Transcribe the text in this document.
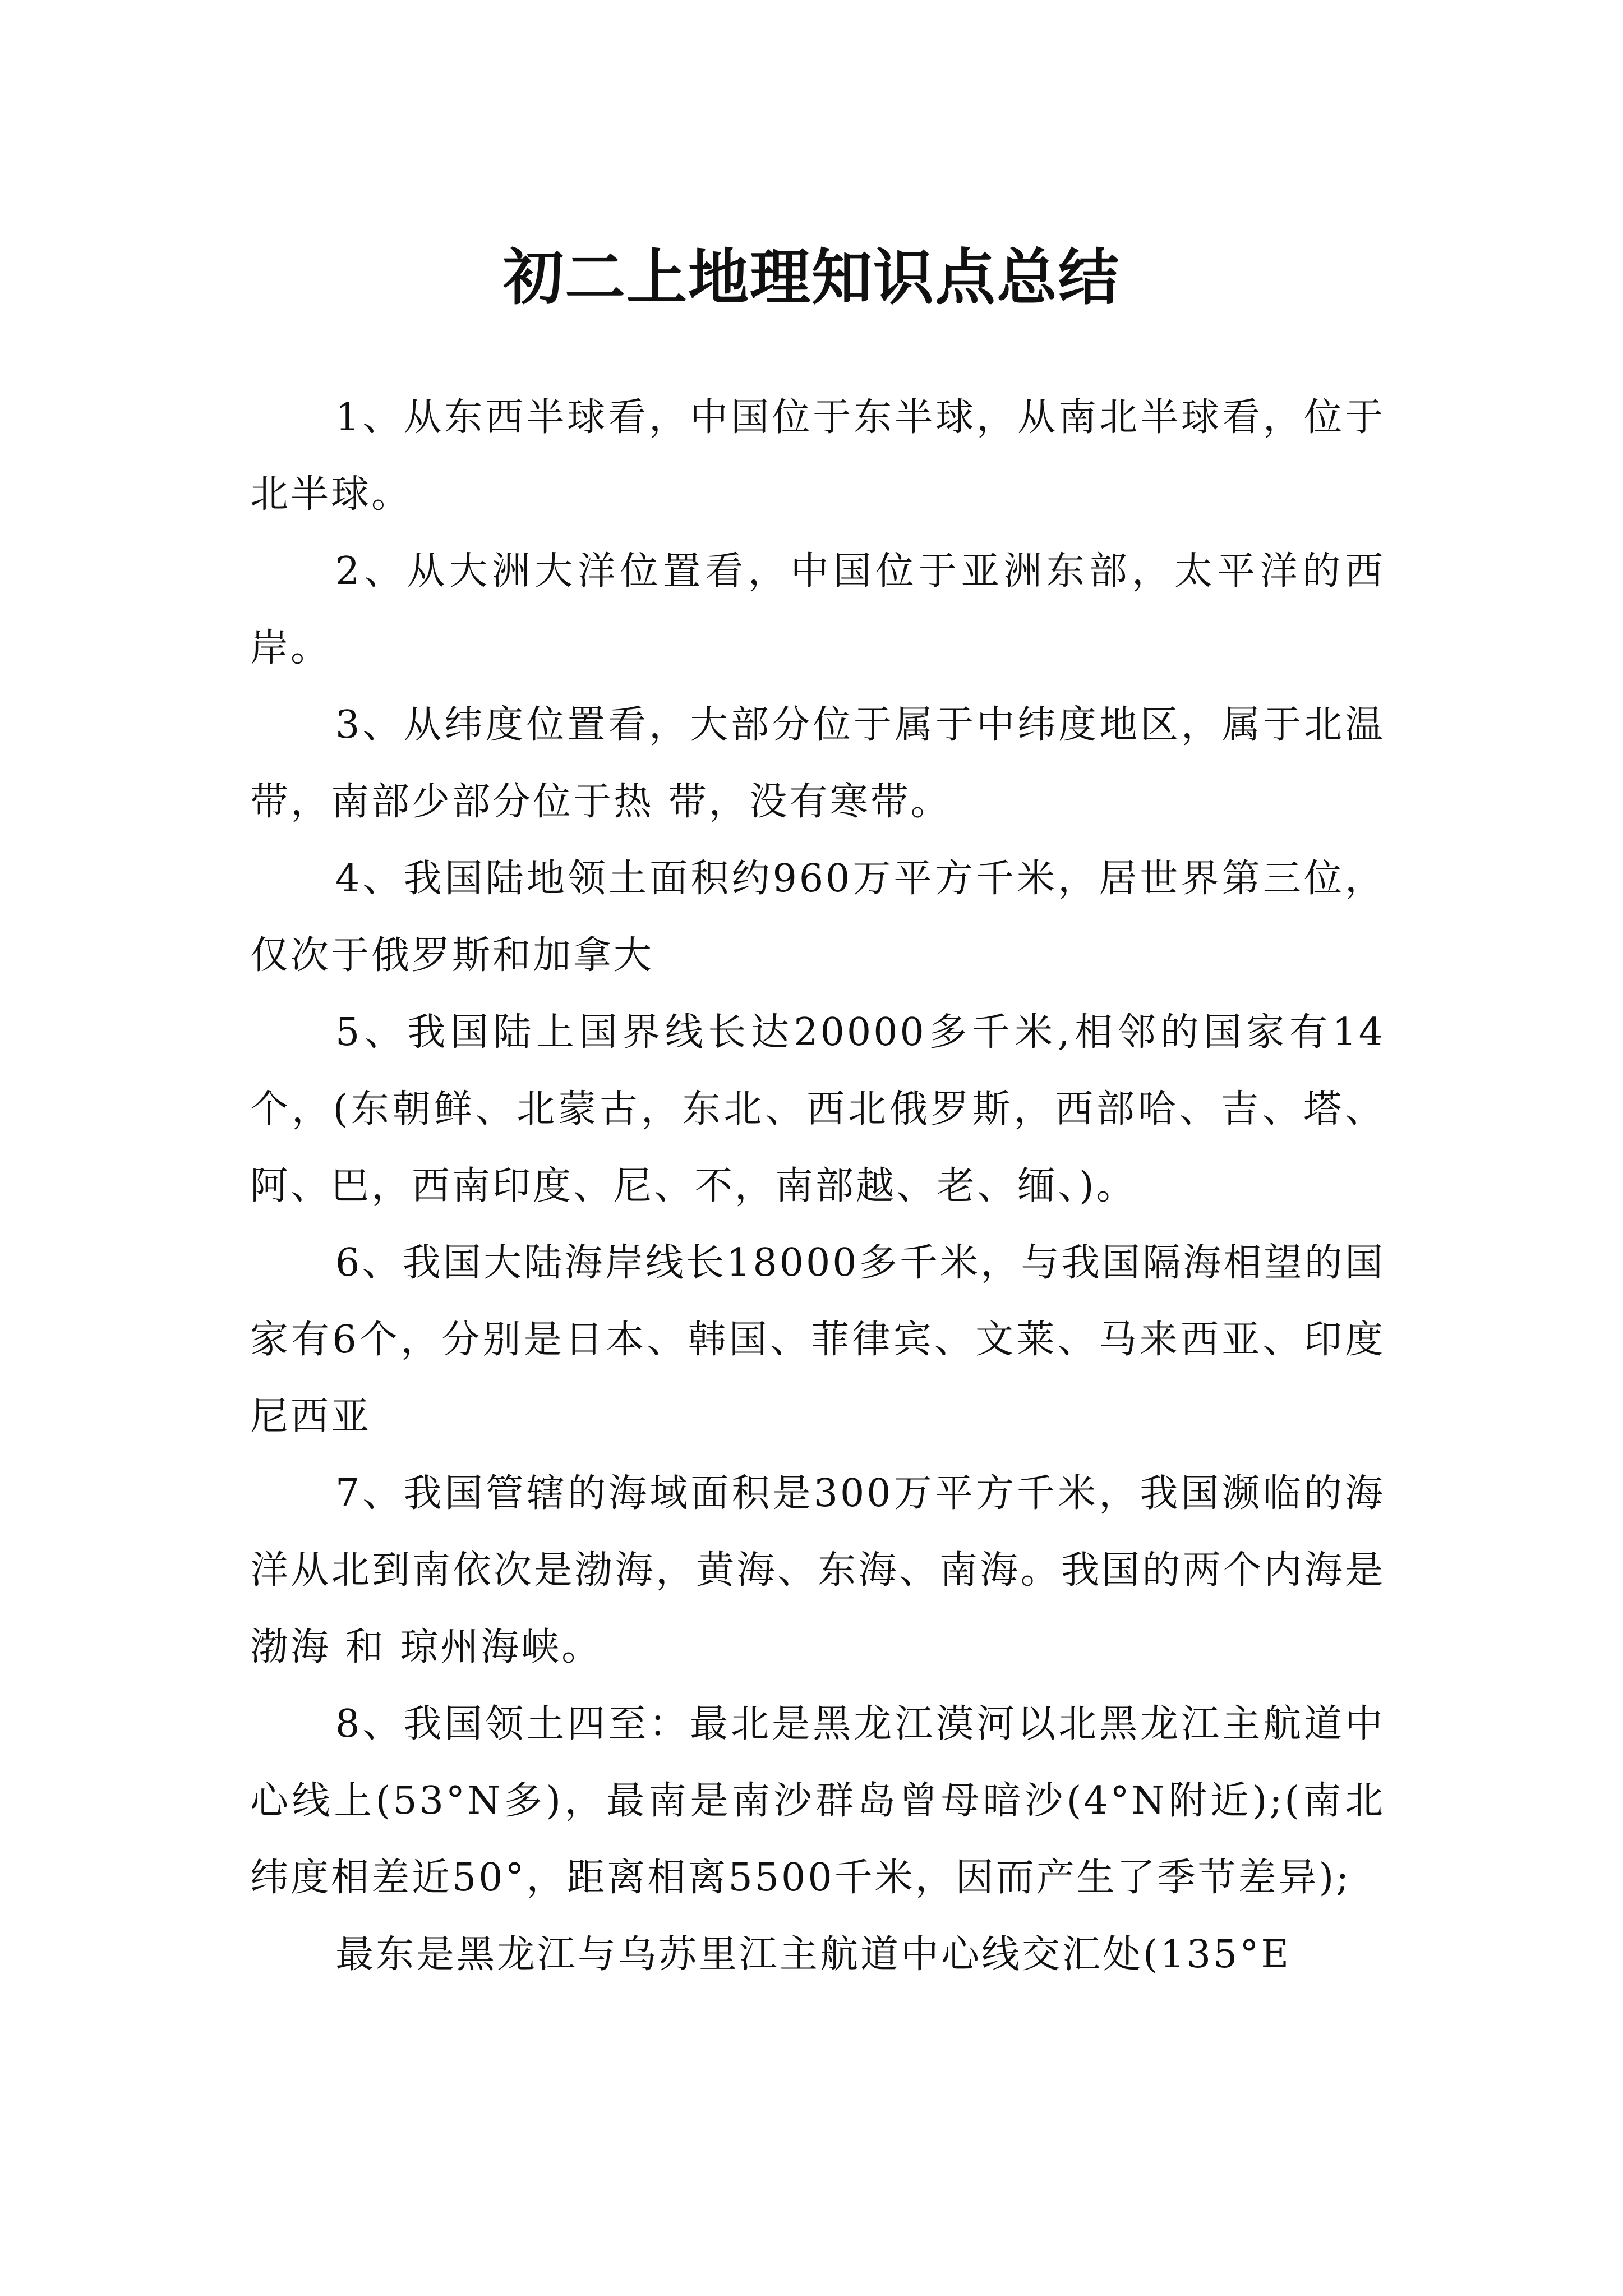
初二上地理知识点总结

1、从东西半球看，中国位于东半球，从南北半球看，位于北半球。

2、从大洲大洋位置看，中国位于亚洲东部，太平洋的西岸。

3、从纬度位置看，大部分位于属于中纬度地区，属于北温带，南部少部分位于热 带，没有寒带。

4、我国陆地领土面积约960万平方千米，居世界第三位，仅次于俄罗斯和加拿大

5、我国陆上国界线长达20000多千米,相邻的国家有14个，(东朝鲜、北蒙古，东北、西北俄罗斯，西部哈、吉、塔、阿、巴，西南印度、尼、不，南部越、老、缅、)。

6、我国大陆海岸线长18000多千米，与我国隔海相望的国家有6个，分别是日本、韩国、菲律宾、文莱、马来西亚、印度尼西亚

7、我国管辖的海域面积是300万平方千米，我国濒临的海洋从北到南依次是渤海，黄海、东海、南海。我国的两个内海是渤海 和 琼州海峡。

8、我国领土四至：最北是黑龙江漠河以北黑龙江主航道中心线上(53°N多)，最南是南沙群岛曾母暗沙(4°N附近);(南北纬度相差近50°，距离相离5500千米，因而产生了季节差异);

最东是黑龙江与乌苏里江主航道中心线交汇处(135°E
